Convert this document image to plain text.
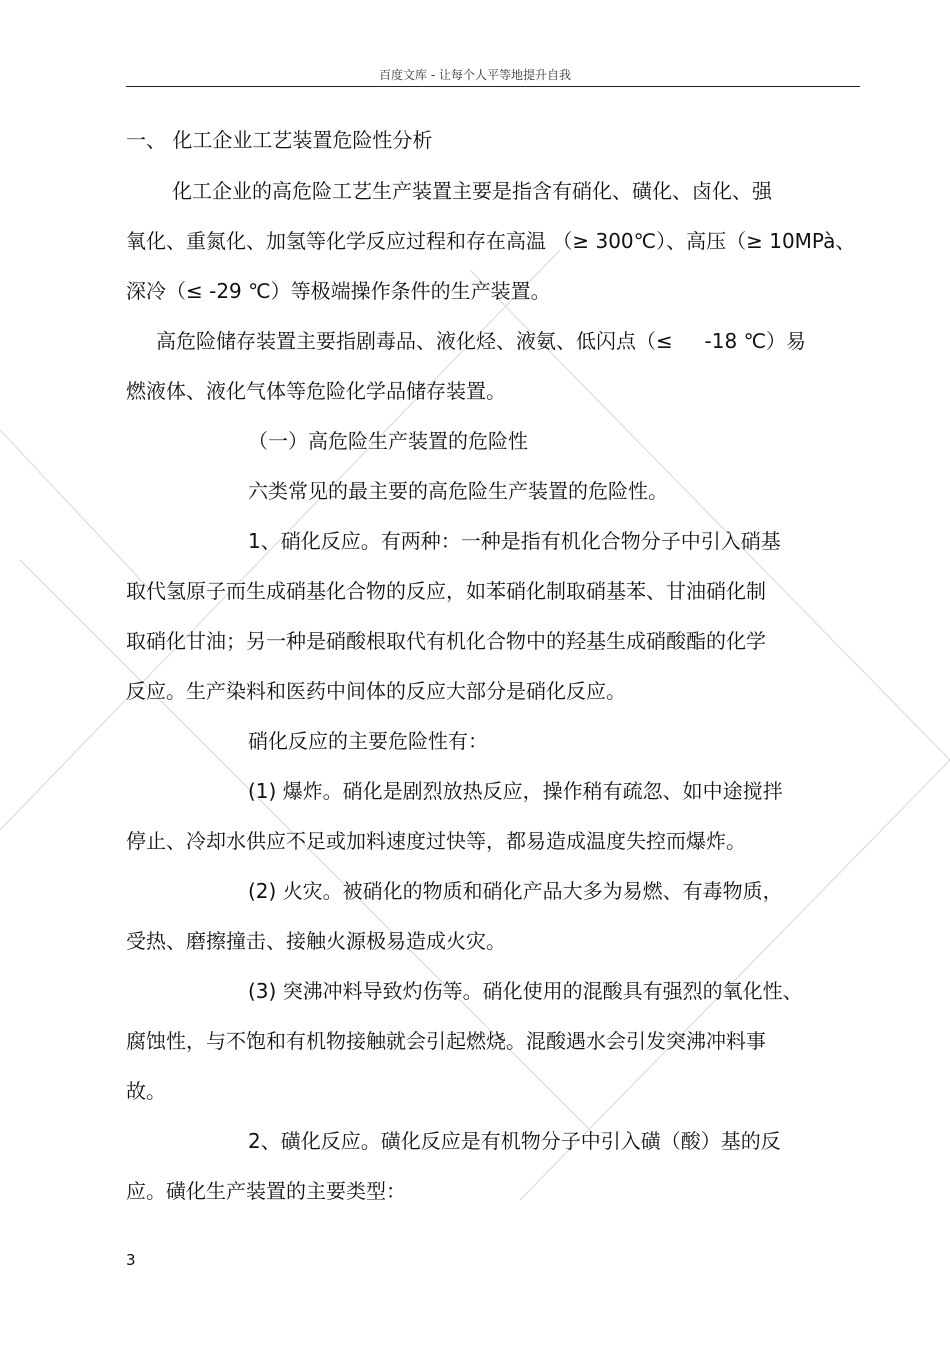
百度文库 - 让每个人平等地提升自我
一、 化工企业工艺装置危险性分析
化工企业的高危险工艺生产装置主要是指含有硝化、磺化、卤化、强
氧化、重氮化、加氢等化学反应过程和存在高温 （≥ 300℃）、高压（≥ 10MPà、
深冷（≤ -29 ℃）等极端操作条件的生产装置。
高危险储存装置主要指剧毒品、液化烃、液氨、低闪点（≤     -18 ℃）易
燃液体、液化气体等危险化学品储存装置。
（一）高危险生产装置的危险性
六类常见的最主要的高危险生产装置的危险性。
1、硝化反应。有两种：一种是指有机化合物分子中引入硝基
取代氢原子而生成硝基化合物的反应，如苯硝化制取硝基苯、甘油硝化制
取硝化甘油；另一种是硝酸根取代有机化合物中的羟基生成硝酸酯的化学
反应。生产染料和医药中间体的反应大部分是硝化反应。
硝化反应的主要危险性有：
(1) 爆炸。硝化是剧烈放热反应，操作稍有疏忽、如中途搅拌
停止、冷却水供应不足或加料速度过快等，都易造成温度失控而爆炸。
(2) 火灾。被硝化的物质和硝化产品大多为易燃、有毒物质，
受热、磨擦撞击、接触火源极易造成火灾。
(3) 突沸冲料导致灼伤等。硝化使用的混酸具有强烈的氧化性、
腐蚀性，与不饱和有机物接触就会引起燃烧。混酸遇水会引发突沸冲料事
故。
2、磺化反应。磺化反应是有机物分子中引入磺（酸）基的反
应。磺化生产装置的主要类型：
3
